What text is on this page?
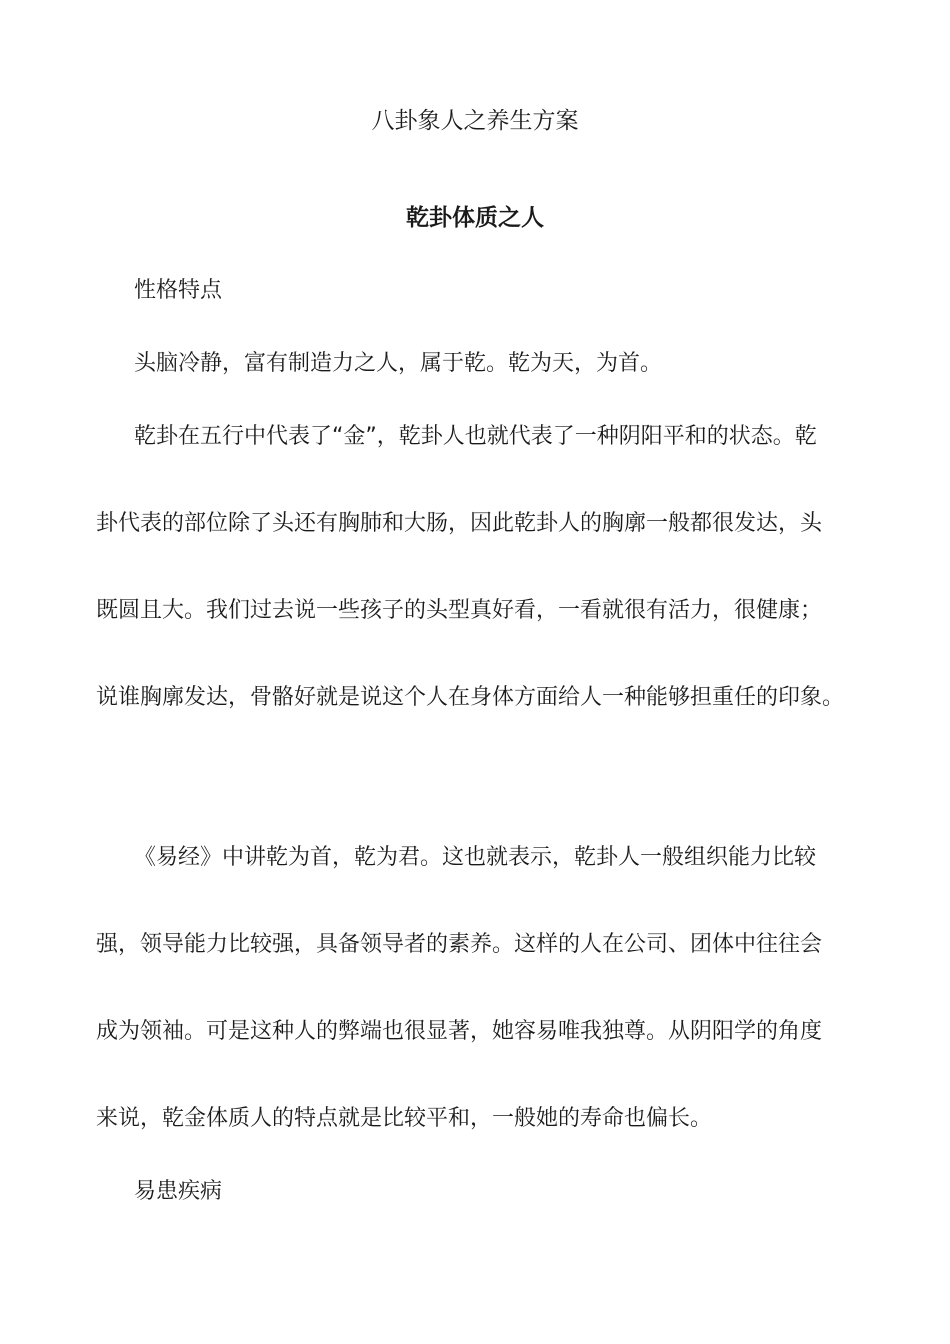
八卦象人之养生方案
乾卦体质之人

性格特点

头脑冷静，富有制造力之人，属于乾。乾为天，为首。

乾卦在五行中代表了“金”，乾卦人也就代表了一种阴阳平和的状态。乾

卦代表的部位除了头还有胸肺和大肠，因此乾卦人的胸廓一般都很发达，头

既圆且大。我们过去说一些孩子的头型真好看，一看就很有活力，很健康；

说谁胸廓发达，骨骼好就是说这个人在身体方面给人一种能够担重任的印象。

《易经》中讲乾为首，乾为君。这也就表示，乾卦人一般组织能力比较

强，领导能力比较强，具备领导者的素养。这样的人在公司、团体中往往会

成为领袖。可是这种人的弊端也很显著，她容易唯我独尊。从阴阳学的角度

来说，乾金体质人的特点就是比较平和，一般她的寿命也偏长。

易患疾病
